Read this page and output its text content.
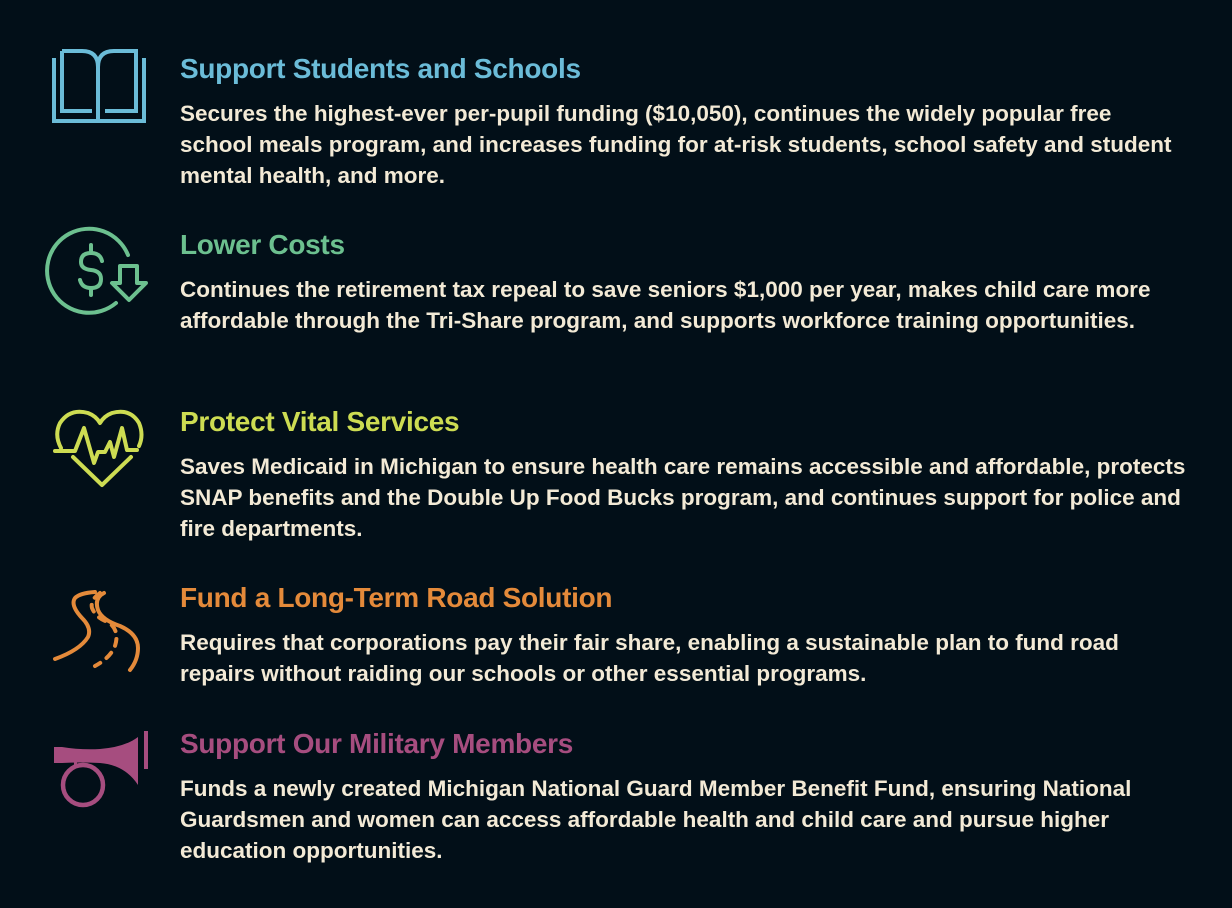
Support Students and Schools
Secures the highest-ever per-pupil funding ($10,050), continues the widely popular free school meals program, and increases funding for at-risk students, school safety and student mental health, and more.
Lower Costs
Continues the retirement tax repeal to save seniors $1,000 per year, makes child care more affordable through the Tri-Share program, and supports workforce training opportunities.
Protect Vital Services
Saves Medicaid in Michigan to ensure health care remains accessible and affordable, protects SNAP benefits and the Double Up Food Bucks program, and continues support for police and fire departments.
Fund a Long-Term Road Solution
Requires that corporations pay their fair share, enabling a sustainable plan to fund road repairs without raiding our schools or other essential programs.
Support Our Military Members
Funds a newly created Michigan National Guard Member Benefit Fund, ensuring National Guardsmen and women can access affordable health and child care and pursue higher education opportunities.
